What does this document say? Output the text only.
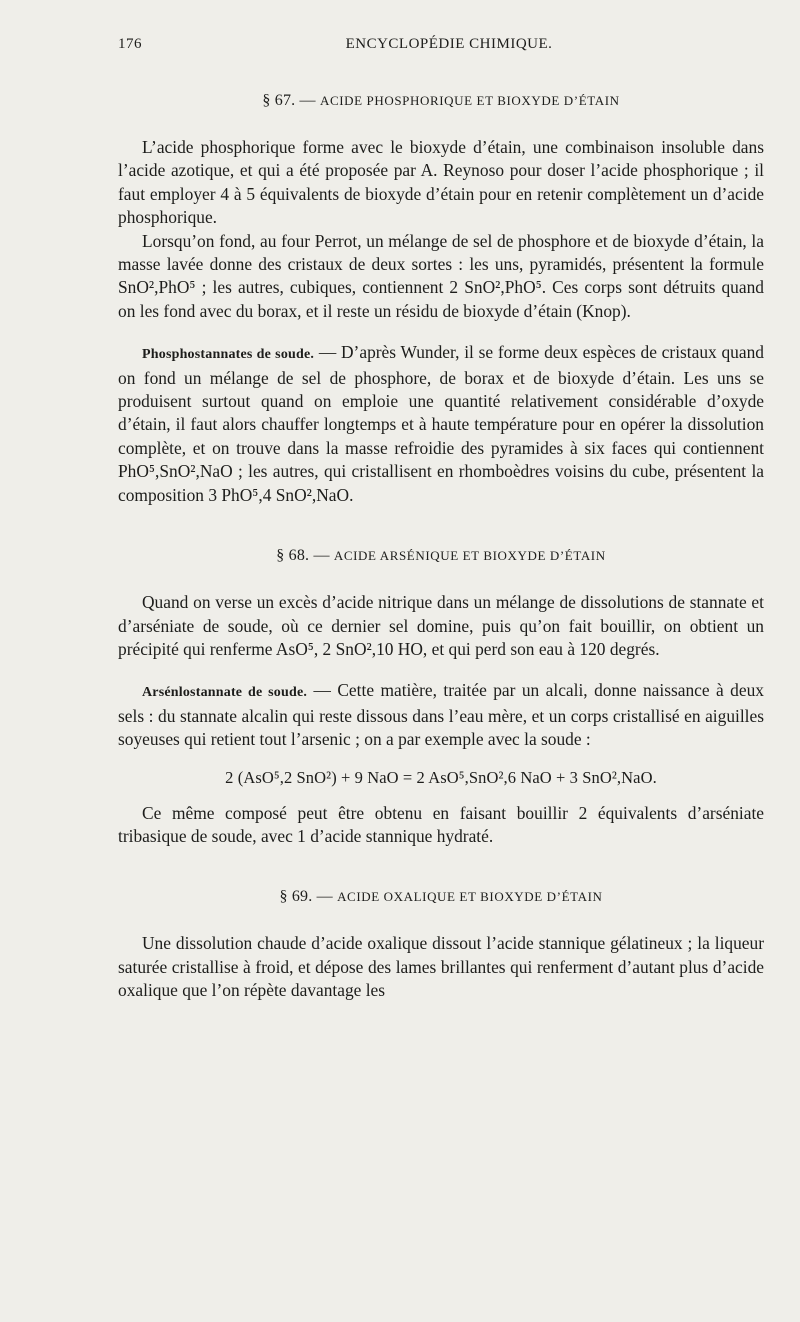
176	ENCYCLOPÉDIE CHIMIQUE.
§ 67. — ACIDE PHOSPHORIQUE ET BIOXYDE D’ÉTAIN

L’acide phosphorique forme avec le bioxyde d’étain, une combinaison insoluble dans l’acide azotique, et qui a été proposée par A. Reynoso pour doser l’acide phosphorique ; il faut employer 4 à 5 équivalents de bioxyde d’étain pour en retenir complètement un d’acide phosphorique.

Lorsqu’on fond, au four Perrot, un mélange de sel de phosphore et de bioxyde d’étain, la masse lavée donne des cristaux de deux sortes : les uns, pyramidés, présentent la formule SnO²,PhO⁵ ; les autres, cubiques, contiennent 2 SnO²,PhO⁵. Ces corps sont détruits quand on les fond avec du borax, et il reste un résidu de bioxyde d’étain (Knop).

Phosphostannates de soude. — D’après Wunder, il se forme deux espèces de cristaux quand on fond un mélange de sel de phosphore, de borax et de bioxyde d’étain. Les uns se produisent surtout quand on emploie une quantité relativement considérable d’oxyde d’étain, il faut alors chauffer longtemps et à haute température pour en opérer la dissolution complète, et on trouve dans la masse refroidie des pyramides à six faces qui contiennent PhO⁵,SnO²,NaO ; les autres, qui cristallisent en rhomboèdres voisins du cube, présentent la composition 3 PhO⁵,4 SnO²,NaO.

§ 68. — ACIDE ARSÉNIQUE ET BIOXYDE D’ÉTAIN

Quand on verse un excès d’acide nitrique dans un mélange de dissolutions de stannate et d’arséniate de soude, où ce dernier sel domine, puis qu’on fait bouillir, on obtient un précipité qui renferme AsO⁵, 2 SnO²,10 HO, et qui perd son eau à 120 degrés.

Arsénlostannate de soude. — Cette matière, traitée par un alcali, donne naissance à deux sels : du stannate alcalin qui reste dissous dans l’eau mère, et un corps cristallisé en aiguilles soyeuses qui retient tout l’arsenic ; on a par exemple avec la soude :

2 (AsO⁵,2 SnO²) + 9 NaO = 2 AsO⁵,SnO²,6 NaO + 3 SnO²,NaO.

Ce même composé peut être obtenu en faisant bouillir 2 équivalents d’arséniate tribasique de soude, avec 1 d’acide stannique hydraté.

§ 69. — ACIDE OXALIQUE ET BIOXYDE D’ÉTAIN

Une dissolution chaude d’acide oxalique dissout l’acide stannique gélatineux ; la liqueur saturée cristallise à froid, et dépose des lames brillantes qui renferment d’autant plus d’acide oxalique que l’on répète davantage les
